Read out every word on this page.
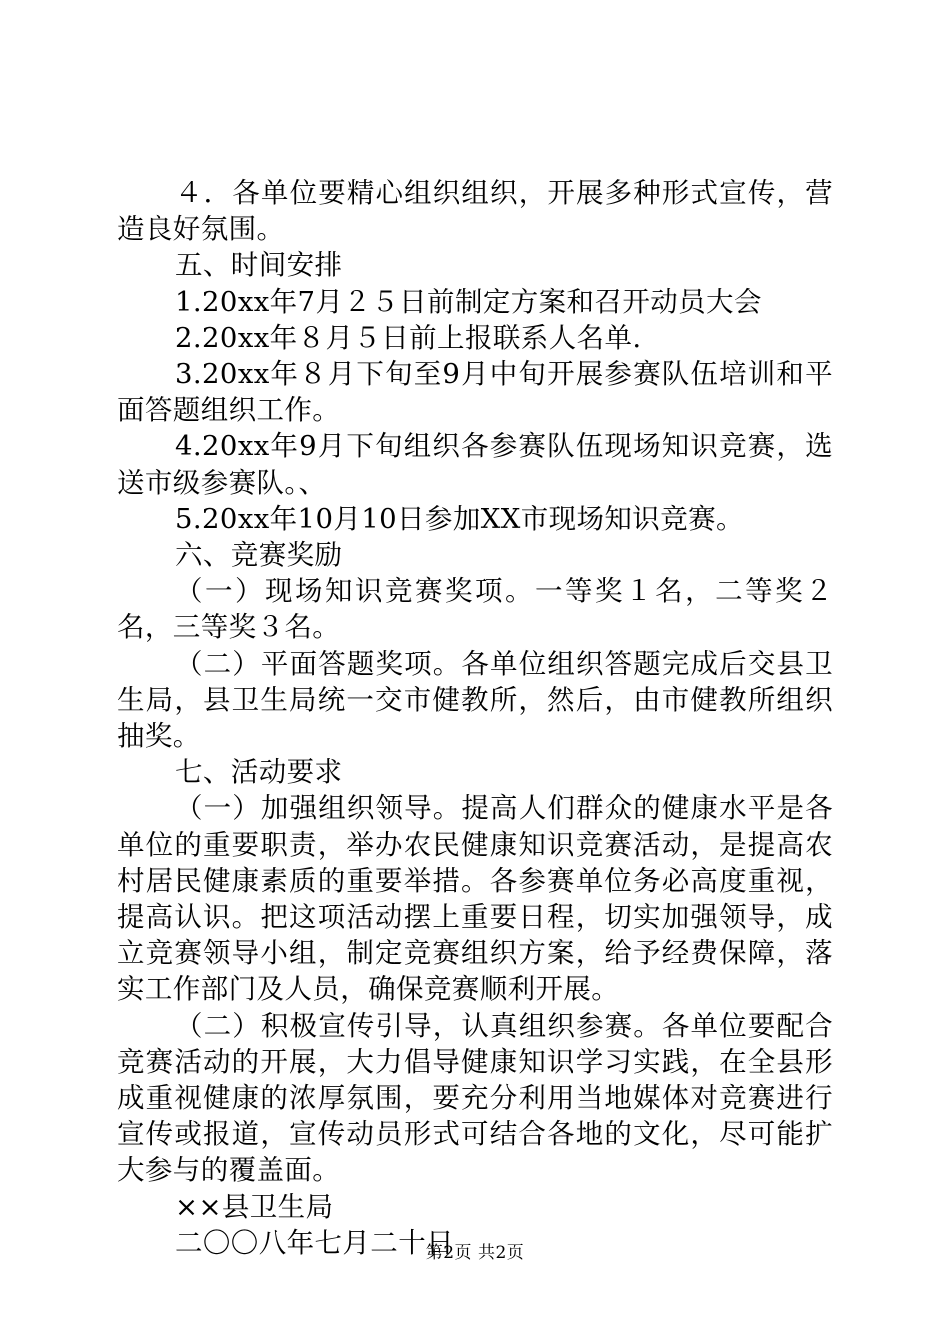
４．各单位要精心组织组织，开展多种形式宣传，营造良好氛围。

五、时间安排

1.20xx年7月２５日前制定方案和召开动员大会

2.20xx年８月５日前上报联系人名单.

3.20xx年８月下旬至9月中旬开展参赛队伍培训和平面答题组织工作。

4.20xx年9月下旬组织各参赛队伍现场知识竞赛，选送市级参赛队。、

5.20xx年10月10日参加XX市现场知识竞赛。

六、竞赛奖励

（一）现场知识竞赛奖项。一等奖１名，二等奖２名，三等奖３名。

（二）平面答题奖项。各单位组织答题完成后交县卫生局，县卫生局统一交市健教所，然后，由市健教所组织抽奖。

七、活动要求

（一）加强组织领导。提高人们群众的健康水平是各单位的重要职责，举办农民健康知识竞赛活动，是提高农村居民健康素质的重要举措。各参赛单位务必高度重视，提高认识。把这项活动摆上重要日程，切实加强领导，成立竞赛领导小组，制定竞赛组织方案，给予经费保障，落实工作部门及人员，确保竞赛顺利开展。

（二）积极宣传引导，认真组织参赛。各单位要配合竞赛活动的开展，大力倡导健康知识学习实践，在全县形成重视健康的浓厚氛围，要充分利用当地媒体对竞赛进行宣传或报道，宣传动员形式可结合各地的文化，尽可能扩大参与的覆盖面。

××县卫生局

二〇〇八年七月二十日

第2页 共2页
